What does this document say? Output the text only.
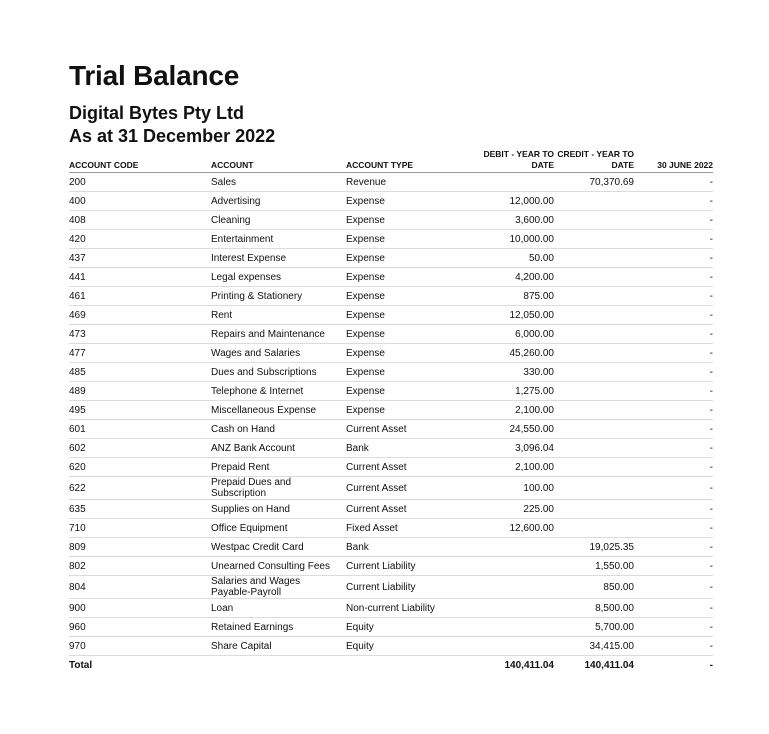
Trial Balance
Digital Bytes Pty Ltd
As at 31 December 2022
ACCOUNT CODE	ACCOUNT	ACCOUNT TYPE	DEBIT - YEAR TO DATE	CREDIT - YEAR TO DATE	30 JUNE 2022
200	Sales	Revenue		70,370.69	-
400	Advertising	Expense	12,000.00		-
408	Cleaning	Expense	3,600.00		-
420	Entertainment	Expense	10,000.00		-
437	Interest Expense	Expense	50.00		-
441	Legal expenses	Expense	4,200.00		-
461	Printing & Stationery	Expense	875.00		-
469	Rent	Expense	12,050.00		-
473	Repairs and Maintenance	Expense	6,000.00		-
477	Wages and Salaries	Expense	45,260.00		-
485	Dues and Subscriptions	Expense	330.00		-
489	Telephone & Internet	Expense	1,275.00		-
495	Miscellaneous Expense	Expense	2,100.00		-
601	Cash on Hand	Current Asset	24,550.00		-
602	ANZ Bank Account	Bank	3,096.04		-
620	Prepaid Rent	Current Asset	2,100.00		-
622	Prepaid Dues and Subscription	Current Asset	100.00		-
635	Supplies on Hand	Current Asset	225.00		-
710	Office Equipment	Fixed Asset	12,600.00		-
809	Westpac Credit Card	Bank		19,025.35	-
802	Unearned Consulting Fees	Current Liability		1,550.00	-
804	Salaries and Wages Payable-Payroll	Current Liability		850.00	-
900	Loan	Non-current Liability		8,500.00	-
960	Retained Earnings	Equity		5,700.00	-
970	Share Capital	Equity		34,415.00	-
Total			140,411.04	140,411.04	-
